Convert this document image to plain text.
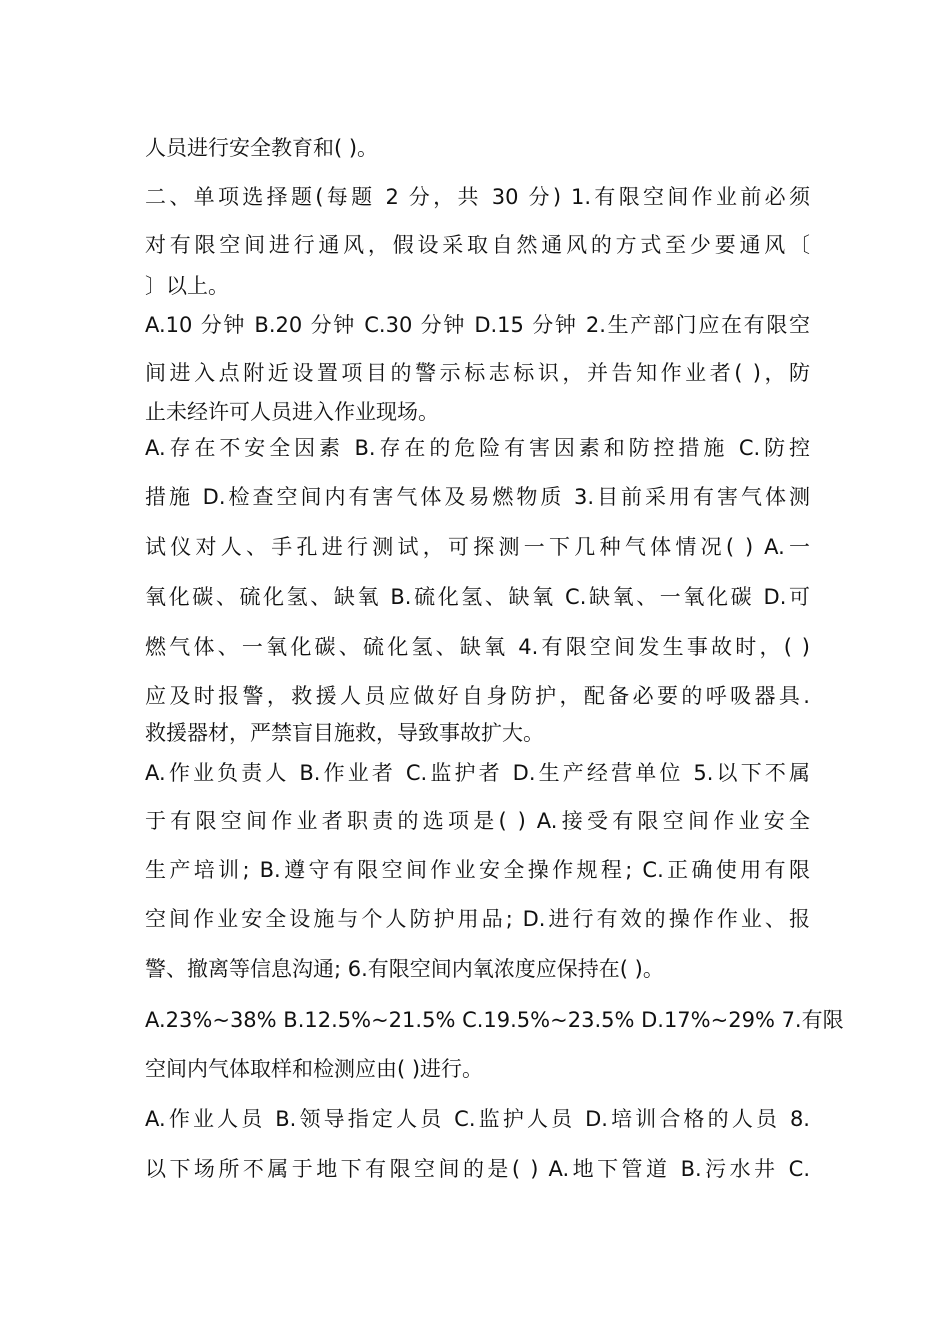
人员进行安全教育和( )。
二、单项选择题(每题 2 分，共 30 分) 1.有限空间作业前必须
对有限空间进行通风，假设采取自然通风的方式至少要通风〔
〕以上。
A.10 分钟 B.20 分钟 C.30 分钟 D.15 分钟 2.生产部门应在有限空
间进入点附近设置项目的警示标志标识，并告知作业者( )，防
止未经许可人员进入作业现场。
A.存在不安全因素 B.存在的危险有害因素和防控措施 C.防控
措施 D.检查空间内有害气体及易燃物质 3.目前采用有害气体测
试仪对人、手孔进行测试，可探测一下几种气体情况( ) A.一
氧化碳、硫化氢、缺氧 B.硫化氢、缺氧 C.缺氧、一氧化碳 D.可
燃气体、一氧化碳、硫化氢、缺氧 4.有限空间发生事故时，( )
应及时报警，救援人员应做好自身防护，配备必要的呼吸器具.
救援器材，严禁盲目施救，导致事故扩大。
A.作业负责人 B.作业者 C.监护者 D.生产经营单位 5.以下不属
于有限空间作业者职责的选项是( ) A.接受有限空间作业安全
生产培训; B.遵守有限空间作业安全操作规程; C.正确使用有限
空间作业安全设施与个人防护用品; D.进行有效的操作作业、报
警、撤离等信息沟通; 6.有限空间内氧浓度应保持在( )。
A.23%~38% B.12.5%~21.5% C.19.5%~23.5% D.17%~29% 7.有限
空间内气体取样和检测应由( )进行。
A.作业人员 B.领导指定人员 C.监护人员 D.培训合格的人员 8.
以下场所不属于地下有限空间的是( ) A.地下管道 B.污水井 C.
